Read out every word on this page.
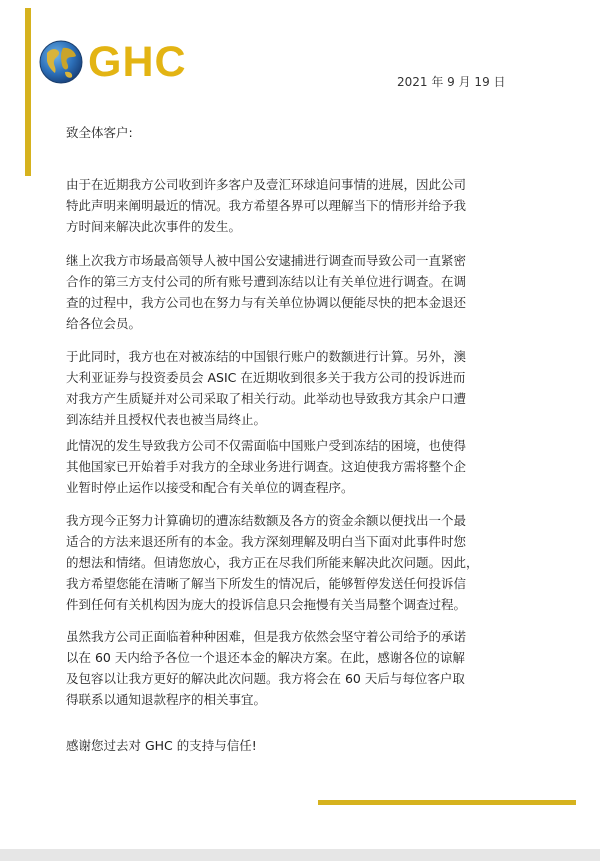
GHC	2021 年 9 月 19 日
致全体客户:
由于在近期我方公司收到许多客户及壹汇环球追问事情的进展，因此公司
特此声明来阐明最近的情况。我方希望各界可以理解当下的情形并给予我
方时间来解决此次事件的发生。
继上次我方市场最高领导人被中国公安逮捕进行调查而导致公司一直紧密
合作的第三方支付公司的所有账号遭到冻结以让有关单位进行调查。在调
查的过程中，我方公司也在努力与有关单位协调以便能尽快的把本金退还
给各位会员。
于此同时，我方也在对被冻结的中国银行账户的数额进行计算。另外，澳
大利亚证券与投资委员会 ASIC 在近期收到很多关于我方公司的投诉进而
对我方产生质疑并对公司采取了相关行动。此举动也导致我方其余户口遭
到冻结并且授权代表也被当局终止。
此情况的发生导致我方公司不仅需面临中国账户受到冻结的困境，也使得
其他国家已开始着手对我方的全球业务进行调查。这迫使我方需将整个企
业暂时停止运作以接受和配合有关单位的调查程序。
我方现今正努力计算确切的遭冻结数额及各方的资金余额以便找出一个最
适合的方法来退还所有的本金。我方深刻理解及明白当下面对此事件时您
的想法和情绪。但请您放心，我方正在尽我们所能来解决此次问题。因此，
我方希望您能在清晰了解当下所发生的情况后，能够暂停发送任何投诉信
件到任何有关机构因为庞大的投诉信息只会拖慢有关当局整个调查过程。
虽然我方公司正面临着种种困难，但是我方依然会坚守着公司给予的承诺
以在 60 天内给予各位一个退还本金的解决方案。在此，感谢各位的谅解
及包容以让我方更好的解决此次问题。我方将会在 60 天后与每位客户取
得联系以通知退款程序的相关事宜。
感谢您过去对 GHC 的支持与信任!
